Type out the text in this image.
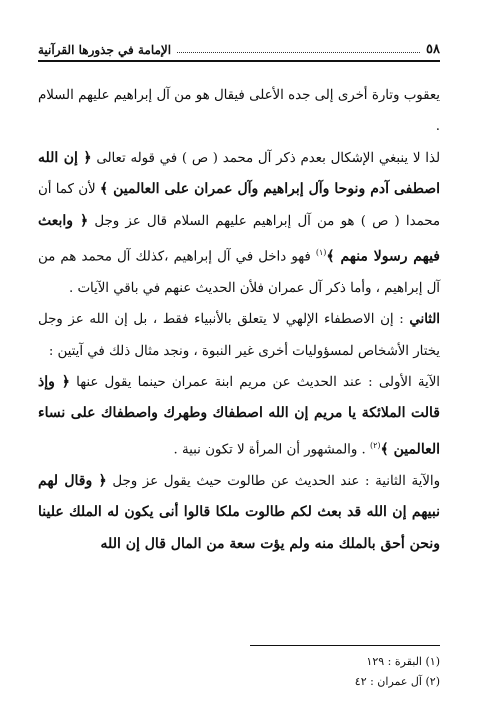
٥٨
الإمامة في جذورها القرآنية

يعقوب وتارة أخرى إلى جده الأعلى فيقال هو من آل إبراهيم عليهم السلام .

لذا لا ينبغي الإشكال بعدم ذكر آل محمد ( ص ) في قوله تعالى ﴿ إن الله اصطفى آدم ونوحا وآل إبراهيم وآل عمران على العالمين ﴾ لأن كما أن محمدا ( ص ) هو من آل إبراهيم عليهم السلام قال عز وجل ﴿ وابعث فيهم رسولا منهم ﴾$^{(١)}$ فهو داخل في آل إبراهيم ،كذلك آل محمد هم من آل إبراهيم ، وأما ذكر آل عمران فلأن الحديث عنهم في باقي الآيات .

الثاني : إن الاصطفاء الإلهي لا يتعلق بالأنبياء فقط ، بل إن الله عز وجل يختار الأشخاص لمسؤوليات أخرى غير النبوة ، ونجد مثال ذلك في آيتين :

الآية الأولى : عند الحديث عن مريم ابنة عمران حينما يقول عنها ﴿ وإذ قالت الملائكة يا مريم إن الله اصطفاك وطهرك واصطفاك على نساء العالمين ﴾$^{(٢)}$ . والمشهور أن المرأة لا تكون نبية .

والآية الثانية : عند الحديث عن طالوت حيث يقول عز وجل ﴿ وقال لهم نبيهم إن الله قد بعث لكم طالوت ملكا قالوا أنى يكون له الملك علينا ونحن أحق بالملك منه ولم يؤت سعة من المال قال إن الله

(١) البقرة : ١٢٩

(٢) آل عمران : ٤٢
